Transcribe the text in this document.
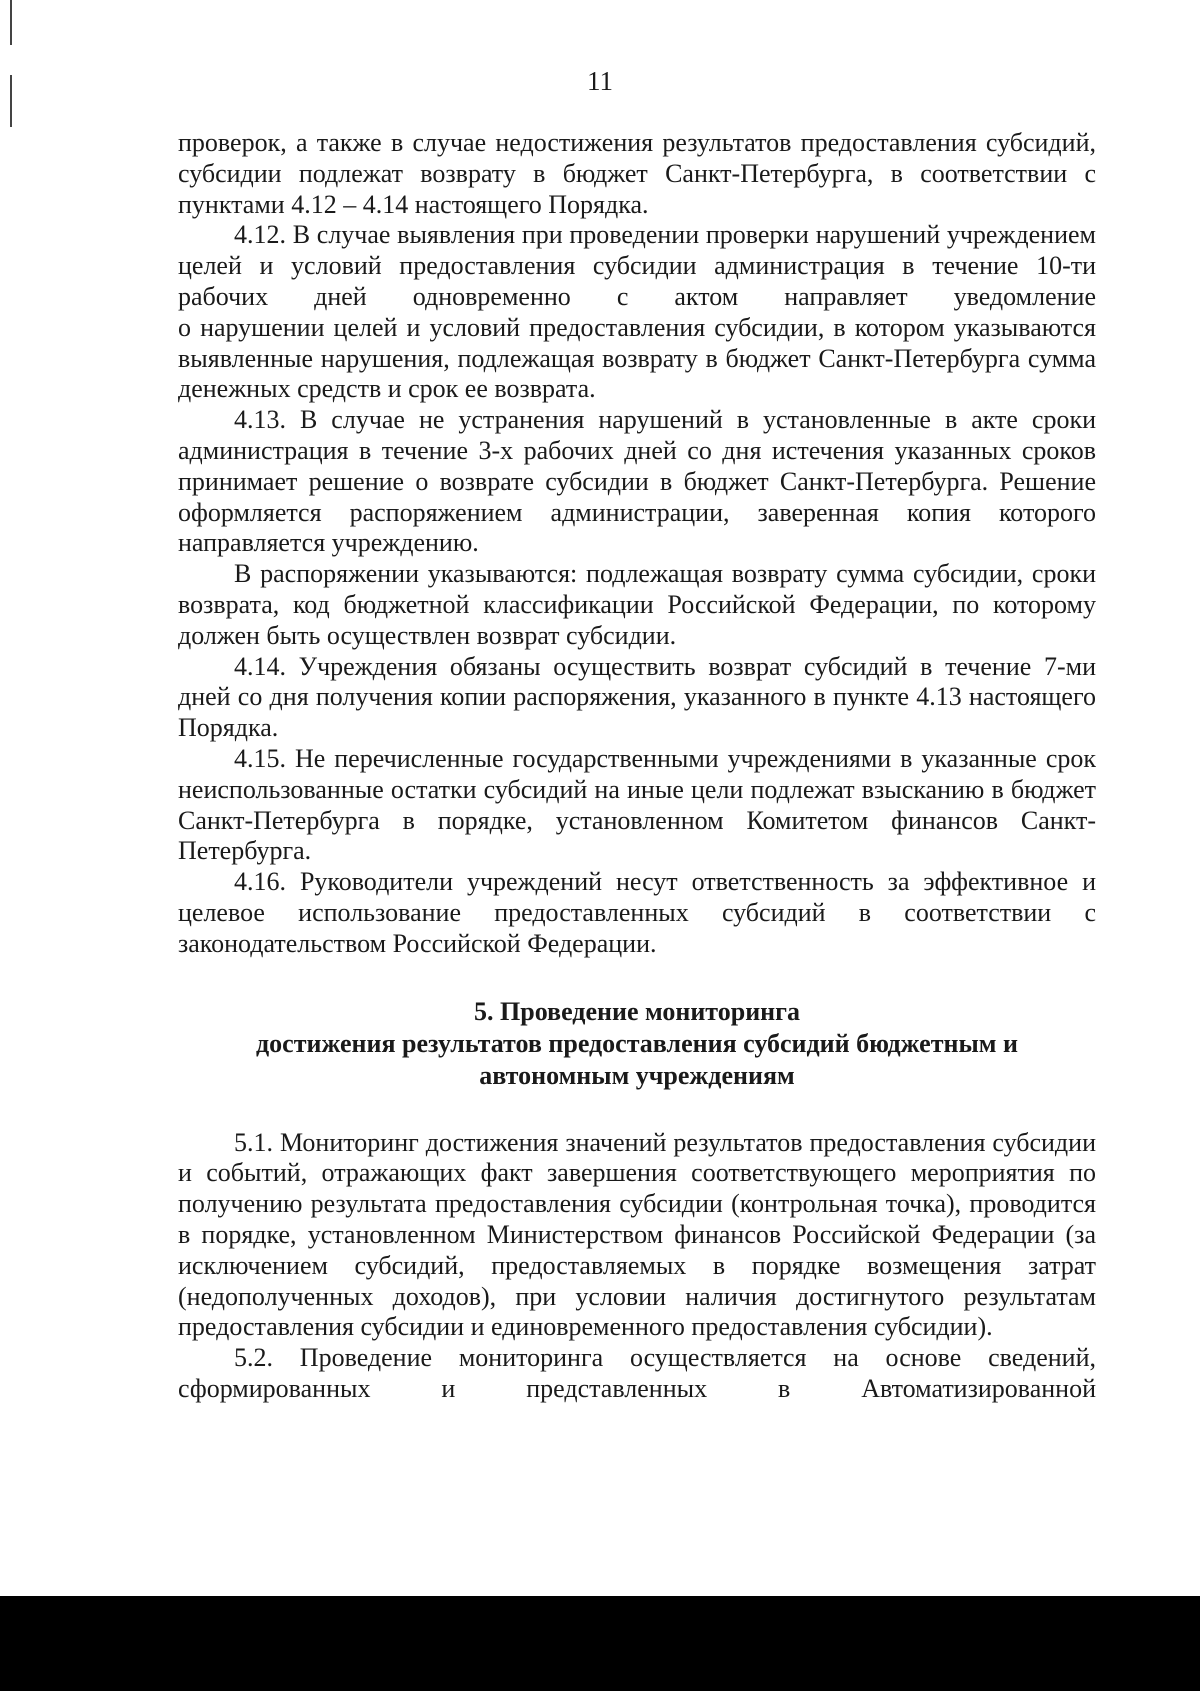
11

проверок, а также в случае недостижения результатов предоставления субсидий, субсидии подлежат возврату в бюджет Санкт-Петербурга, в соответствии с пунктами 4.12 – 4.14 настоящего Порядка.

4.12. В случае выявления при проведении проверки нарушений учреждением целей и условий предоставления субсидии администрация в течение 10-ти рабочих дней одновременно с актом направляет уведомление

о нарушении целей и условий предоставления субсидии, в котором указываются выявленные нарушения, подлежащая возврату в бюджет Санкт-Петербурга сумма денежных средств и срок ее возврата.

4.13. В случае не устранения нарушений в установленные в акте сроки администрация в течение 3-х рабочих дней со дня истечения указанных сроков принимает решение о возврате субсидии в бюджет Санкт-Петербурга. Решение оформляется распоряжением администрации, заверенная копия которого направляется учреждению.

В распоряжении указываются: подлежащая возврату сумма субсидии, сроки возврата, код бюджетной классификации Российской Федерации, по которому должен быть осуществлен возврат субсидии.

4.14. Учреждения обязаны осуществить возврат субсидий в течение 7-ми дней со дня получения копии распоряжения, указанного в пункте 4.13 настоящего Порядка.

4.15. Не перечисленные государственными учреждениями в указанные срок неиспользованные остатки субсидий на иные цели подлежат взысканию в бюджет Санкт-Петербурга в порядке, установленном Комитетом финансов Санкт-Петербурга.

4.16. Руководители учреждений несут ответственность за эффективное и целевое использование предоставленных субсидий в соответствии с законодательством Российской Федерации.

5. Проведение мониторинга
достижения результатов предоставления субсидий бюджетным и
автономным учреждениям

5.1. Мониторинг достижения значений результатов предоставления субсидии и событий, отражающих факт завершения соответствующего мероприятия по получению результата предоставления субсидии (контрольная точка), проводится в порядке, установленном Министерством финансов Российской Федерации (за исключением субсидий, предоставляемых в порядке возмещения затрат (недополученных доходов), при условии наличия достигнутого результатам предоставления субсидии и единовременного предоставления субсидии).

5.2. Проведение мониторинга осуществляется на основе сведений, сформированных и представленных в Автоматизированной
